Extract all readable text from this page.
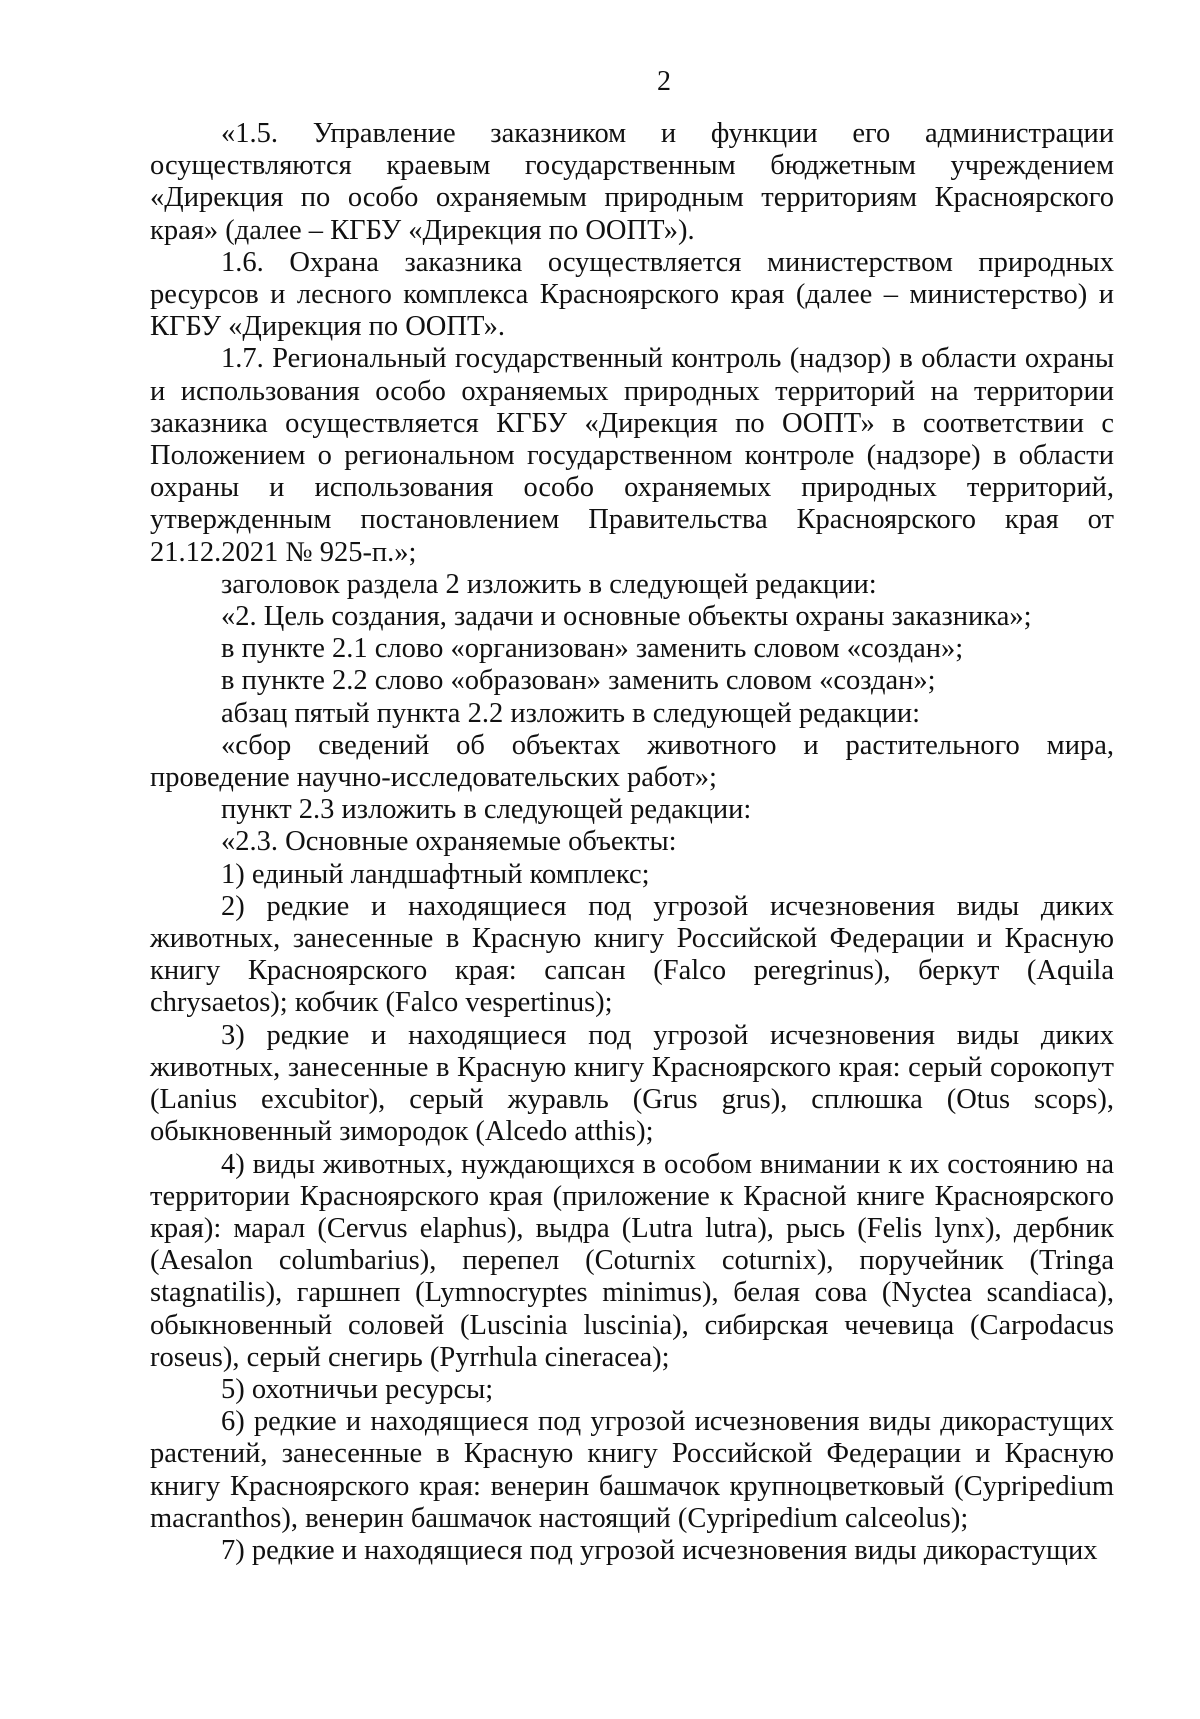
2

«1.5. Управление заказником и функции его администрации осуществляются краевым государственным бюджетным учреждением «Дирекция по особо охраняемым природным территориям Красноярского края» (далее – КГБУ «Дирекция по ООПТ»).

1.6. Охрана заказника осуществляется министерством природных ресурсов и лесного комплекса Красноярского края (далее – министерство) и КГБУ «Дирекция по ООПТ».

1.7. Региональный государственный контроль (надзор) в области охраны и использования особо охраняемых природных территорий на территории заказника осуществляется КГБУ «Дирекция по ООПТ» в соответствии с Положением о региональном государственном контроле (надзоре) в области охраны и использования особо охраняемых природных территорий, утвержденным постановлением Правительства Красноярского края от 21.12.2021 № 925-п.»;

заголовок раздела 2 изложить в следующей редакции:

«2. Цель создания, задачи и основные объекты охраны заказника»;

в пункте 2.1 слово «организован» заменить словом «создан»;

в пункте 2.2 слово «образован» заменить словом «создан»;

абзац пятый пункта 2.2 изложить в следующей редакции:

«сбор сведений об объектах животного и растительного мира, проведение научно-исследовательских работ»;

пункт 2.3 изложить в следующей редакции:

«2.3. Основные охраняемые объекты:

1) единый ландшафтный комплекс;

2) редкие и находящиеся под угрозой исчезновения виды диких животных, занесенные в Красную книгу Российской Федерации и Красную книгу Красноярского края: сапсан (Falco peregrinus), беркут (Aquila chrysaetos); кобчик (Falco vespertinus);

3) редкие и находящиеся под угрозой исчезновения виды диких животных, занесенные в Красную книгу Красноярского края: серый сорокопут (Lanius excubitor), серый журавль (Grus grus), сплюшка (Otus scops), обыкновенный зимородок (Alcedo atthis);

4) виды животных, нуждающихся в особом внимании к их состоянию на территории Красноярского края (приложение к Красной книге Красноярского края): марал (Cervus elaphus), выдра (Lutra lutra), рысь (Felis lynx), дербник (Aesalon columbarius), перепел (Coturnix coturnix), поручейник (Tringa stagnatilis), гаршнеп (Lymnocryptes minimus), белая сова (Nyctea scandiaca), обыкновенный соловей (Luscinia luscinia), сибирская чечевица (Carpodacus roseus), серый снегирь (Pyrrhula cineracea);

5) охотничьи ресурсы;

6) редкие и находящиеся под угрозой исчезновения виды дикорастущих растений, занесенные в Красную книгу Российской Федерации и Красную книгу Красноярского края: венерин башмачок крупноцветковый (Cypripedium macranthos), венерин башмачок настоящий (Cypripedium calceolus);

7) редкие и находящиеся под угрозой исчезновения виды дикорастущих
